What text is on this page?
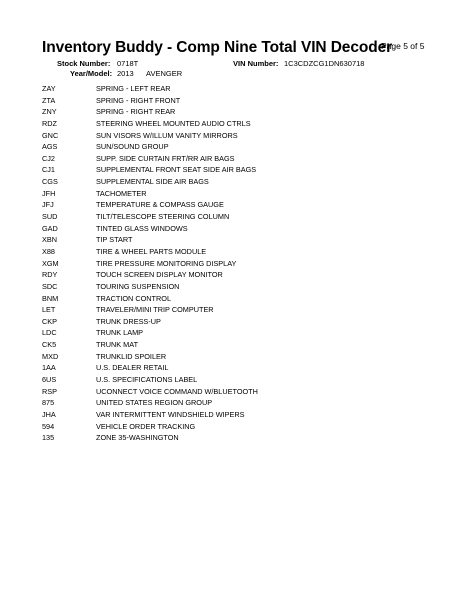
Inventory Buddy - Comp Nine Total VIN Decoder
Page 5 of 5
Stock Number: 0718T	VIN Number: 1C3CDZCG1DN630718
Year/Model: 2013 AVENGER
ZAY	SPRING - LEFT REAR
ZTA	SPRING - RIGHT FRONT
ZNY	SPRING - RIGHT REAR
RDZ	STEERING WHEEL MOUNTED AUDIO CTRLS
GNC	SUN VISORS W/ILLUM VANITY MIRRORS
AGS	SUN/SOUND GROUP
CJ2	SUPP. SIDE CURTAIN FRT/RR AIR BAGS
CJ1	SUPPLEMENTAL FRONT SEAT SIDE AIR BAGS
CGS	SUPPLEMENTAL SIDE AIR BAGS
JFH	TACHOMETER
JFJ	TEMPERATURE & COMPASS GAUGE
SUD	TILT/TELESCOPE STEERING COLUMN
GAD	TINTED GLASS WINDOWS
XBN	TIP START
X88	TIRE & WHEEL PARTS MODULE
XGM	TIRE PRESSURE MONITORING DISPLAY
RDY	TOUCH SCREEN DISPLAY MONITOR
SDC	TOURING SUSPENSION
BNM	TRACTION CONTROL
LET	TRAVELER/MINI TRIP COMPUTER
CKP	TRUNK DRESS-UP
LDC	TRUNK LAMP
CK5	TRUNK MAT
MXD	TRUNKLID SPOILER
1AA	U.S. DEALER RETAIL
6US	U.S. SPECIFICATIONS LABEL
RSP	UCONNECT VOICE COMMAND W/BLUETOOTH
875	UNITED STATES REGION GROUP
JHA	VAR INTERMITTENT WINDSHIELD WIPERS
594	VEHICLE ORDER TRACKING
135	ZONE 35-WASHINGTON
